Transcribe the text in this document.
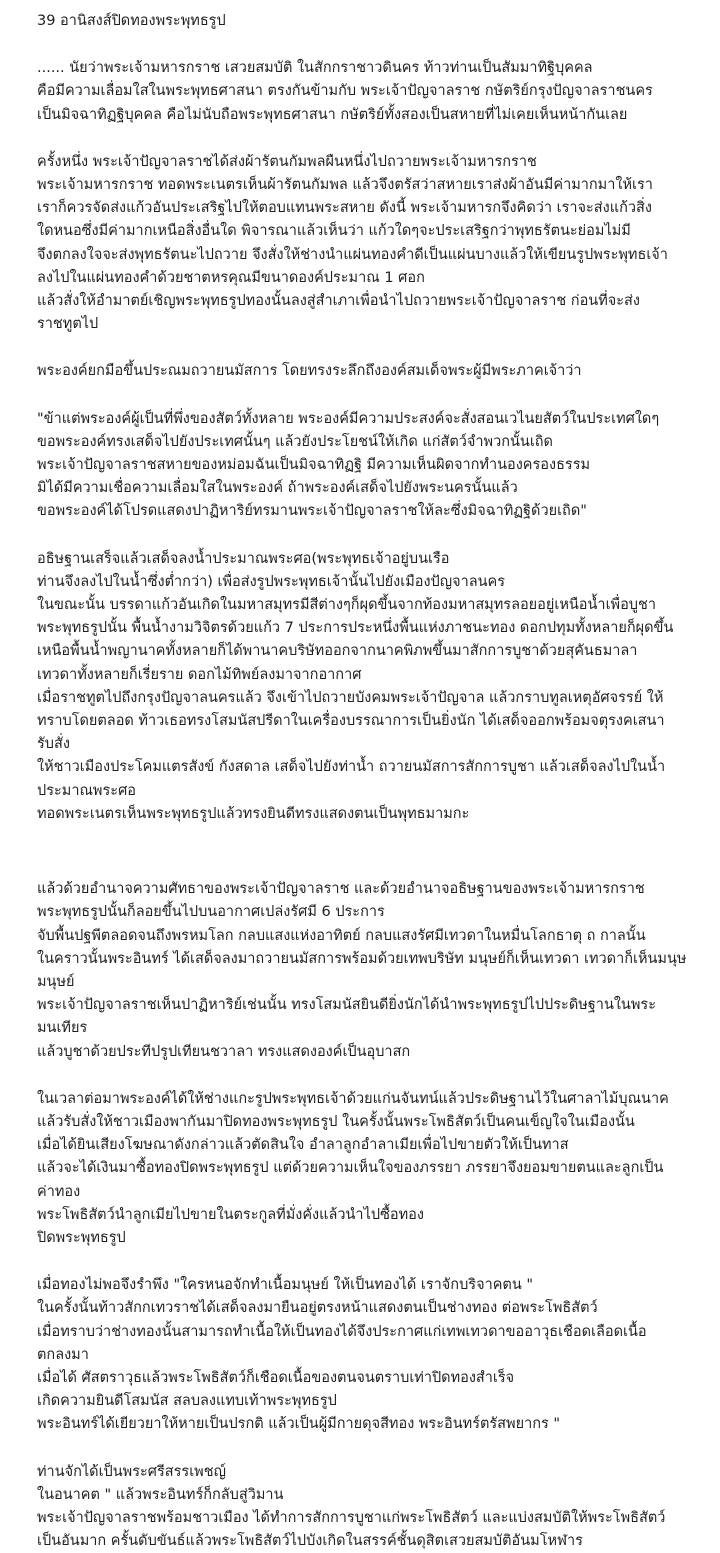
39 อานิสงส์ปิดทองพระพุทธรูป
...... นัยว่าพระเจ้ามหารกราช เสวยสมบัติ ในสักกราชาวดินคร ท้าวท่านเป็นสัมมาทิฐิบุคคล
คือมีความเลื่อมใสในพระพุทธศาสนา ตรงกันข้ามกับ พระเจ้าปัญจาลราช กษัตริย์กรุงปัญจาลราชนคร
เป็นมิจฉาทิฏฐิบุคคล คือไม่นับถือพระพุทธศาสนา กษัตริย์ทั้งสองเป็นสหายที่ไม่เคยเห็นหน้ากันเลย
ครั้งหนึ่ง พระเจ้าปัญจาลราชได้ส่งผ้ารัตนกัมพลผืนหนึ่งไปถวายพระเจ้ามหารกราช
พระเจ้ามหารกราช ทอดพระเนตรเห็นผ้ารัตนกัมพล แล้วจึงตรัสว่าสหายเราส่งผ้าอันมีค่ามากมาให้เรา
เราก็ควรจัดส่งแก้วอันประเสริฐไปให้ตอบแทนพระสหาย ดังนี้ พระเจ้ามหารกจึงคิดว่า เราจะส่งแก้วสิ่ง
ใดหนอซึ่งมีค่ามากเหนือสิ่งอื่นใด พิจารณาแล้วเห็นว่า แก้วใดๆจะประเสริฐกว่าพุทธรัตนะย่อมไม่มี
จึงตกลงใจจะส่งพุทธรัตนะไปถวาย จึงสั่งให้ช่างนำแผ่นทองคำดีเป็นแผ่นบางแล้วให้เขียนรูปพระพุทธเจ้า
ลงไปในแผ่นทองคำด้วยชาตหรคุณมีขนาดองค์ประมาณ 1 ศอก
แล้วสั่งให้อำมาตย์เชิญพระพุทธรูปทองนั้นลงสู่สำเภาเพื่อนำไปถวายพระเจ้าปัญจาลราช ก่อนที่จะส่ง
ราชทูตไป
พระองค์ยกมือขึ้นประณมถวายนมัสการ โดยทรงระลึกถึงองค์สมเด็จพระผู้มีพระภาคเจ้าว่า
"ข้าแต่พระองค์ผู้เป็นที่พึ่งของสัตว์ทั้งหลาย พระองค์มีความประสงค์จะสั่งสอนเวไนยสัตว์ในประเทศใดๆ
ขอพระองค์ทรงเสด็จไปยังประเทศนั้นๆ แล้วยังประโยชน์ให้เกิด แก่สัตว์จำพวกนั้นเถิด
พระเจ้าปัญจาลราชสหายของหม่อมฉันเป็นมิจฉาทิฏฐิ มีความเห็นผิดจากทำนองครองธรรม
มิได้มีความเชื่อความเลื่อมใสในพระองค์ ถ้าพระองค์เสด็จไปยังพระนครนั้นแล้ว
ขอพระองค์ได้โปรดแสดงปาฏิหาริย์ทรมานพระเจ้าปัญจาลราชให้ละซึ่งมิจฉาทิฏฐิด้วยเถิด"
อธิษฐานเสร็จแล้วเสด็จลงน้ำประมาณพระศอ(พระพุทธเจ้าอยู่บนเรือ
ท่านจึงลงไปในน้ำซึ่งต่ำกว่า) เพื่อส่งรูปพระพุทธเจ้านั้นไปยังเมืองปัญจาลนคร
ในขณะนั้น บรรดาแก้วอันเกิดในมหาสมุทรมีสีต่างๆก็ผุดขึ้นจากท้องมหาสมุทรลอยอยู่เหนือน้ำเพื่อบูชา
พระพุทธรูปนั้น พื้นน้ำงามวิจิตรด้วยแก้ว 7 ประการประหนึ่งพื้นแห่งภาชนะทอง ดอกปทุมทั้งหลายก็ผุดขึ้น
เหนือพื้นน้ำพญานาคทั้งหลายก็ได้พานาคบริษัทออกจากนาคพิภพขึ้นมาสักการบูชาด้วยสุคันธมาลา
เทวดาทั้งหลายก็เรี่ยราย ดอกไม้ทิพย์ลงมาจากอากาศ
เมื่อราชทูตไปถึงกรุงปัญจาลนครแล้ว จึงเข้าไปถวายบังคมพระเจ้าปัญจาล แล้วกราบทูลเหตุอัศจรรย์ ให้
ทราบโดยตลอด ท้าวเธอทรงโสมนัสปรีดาในเครื่องบรรณาการเป็นยิ่งนัก ได้เสด็จออกพร้อมจตุรงคเสนา
รับสั่ง
ให้ชาวเมืองประโคมแตรสังข์ กังสดาล เสด็จไปยังท่าน้ำ ถวายนมัสการสักการบูชา แล้วเสด็จลงไปในน้ำ
ประมาณพระศอ
ทอดพระเนตรเห็นพระพุทธรูปแล้วทรงยินดีทรงแสดงตนเป็นพุทธมามกะ
แล้วด้วยอำนาจความศัทธาของพระเจ้าปัญจาลราช และด้วยอำนาจอธิษฐานของพระเจ้ามหารกราช
พระพุทธรูปนั้นก็ลอยขึ้นไปบนอากาศเปล่งรัศมี 6 ประการ
จับพื้นปฐพีตลอดจนถึงพรหมโลก กลบแสงแห่งอาทิตย์ กลบแสงรัศมีเทวดาในหมื่นโลกธาตุ ถ กาลนั้น
ในคราวนั้นพระอินทร์ ได้เสด็จลงมาถวายนมัสการพร้อมด้วยเทพบริษัท มนุษย์ก็เห็นเทวดา เทวดาก็เห็นมนุษ
มนุษย์
พระเจ้าปัญจาลราชเห็นปาฏิหาริย์เช่นนั้น ทรงโสมนัสยินดียิ่งนักได้นำพระพุทธรูปไปประดิษฐานในพระ
มนเทียร
แล้วบูชาด้วยประทีปรูปเทียนชวาลา ทรงแสดงองค์เป็นอุบาสก
ในเวลาต่อมาพระองค์ได้ให้ช่างแกะรูปพระพุทธเจ้าด้วยแก่นจันทน์แล้วประดิษฐานไว้ในศาลาไม้บุณนาค
แล้วรับสั่งให้ชาวเมืองพากันมาปิดทองพระพุทธรูป ในครั้งนั้นพระโพธิสัตว์เป็นคนเข็ญใจในเมืองนั้น
เมื่อได้ยินเสียงโฆษณาดังกล่าวแล้วตัดสินใจ อำลาลูกอำลาเมียเพื่อไปขายตัวให้เป็นทาส
แล้วจะได้เงินมาซื้อทองปิดพระพุทธรูป แต่ด้วยความเห็นใจของภรรยา ภรรยาจึงยอมขายตนและลูกเป็น
ค่าทอง
พระโพธิสัตว์นำลูกเมียไปขายในตระกูลที่มั่งคั่งแล้วนำไปซื้อทอง
ปิดพระพุทธรูป
เมื่อทองไม่พอจึงรำพึง "ใครหนอจักทำเนื้อมนุษย์ ให้เป็นทองได้ เราจักบริจาคตน "
ในครั้งนั้นท้าวสักกเทวราชได้เสด็จลงมายืนอยู่ตรงหน้าแสดงตนเป็นช่างทอง ต่อพระโพธิสัตว์
เมื่อทราบว่าช่างทองนั้นสามารถทำเนื้อให้เป็นทองได้จึงประกาศแก่เทพเทวดาขออาวุธเชือดเลือดเนื้อ
ตกลงมา
เมื่อได้ ศัสตราวุธแล้วพระโพธิสัตว์ก็เชือดเนื้อของตนจนตราบเท่าปิดทองสำเร็จ
เกิดความยินดีโสมนัส สลบลงแทบเท้าพระพุทธรูป
พระอินทร์ได้เยียวยาให้หายเป็นปรกติ แล้วเป็นผู้มีกายดุจสีทอง พระอินทร์ตรัสพยากร "
ท่านจักได้เป็นพระศรีสรรเพชญ์
ในอนาคต " แล้วพระอินทร์ก็กลับสู่วิมาน
พระเจ้าปัญจาลราชพร้อมชาวเมือง ได้ทำการสักการบูชาแก่พระโพธิสัตว์ และแบ่งสมบัติให้พระโพธิสัตว์
เป็นอันมาก ครั้นดับขันธ์แล้วพระโพธิสัตว์ไปบังเกิดในสรรค์ชั้นดุสิตเสวยสมบัติอันมโหฬาร
